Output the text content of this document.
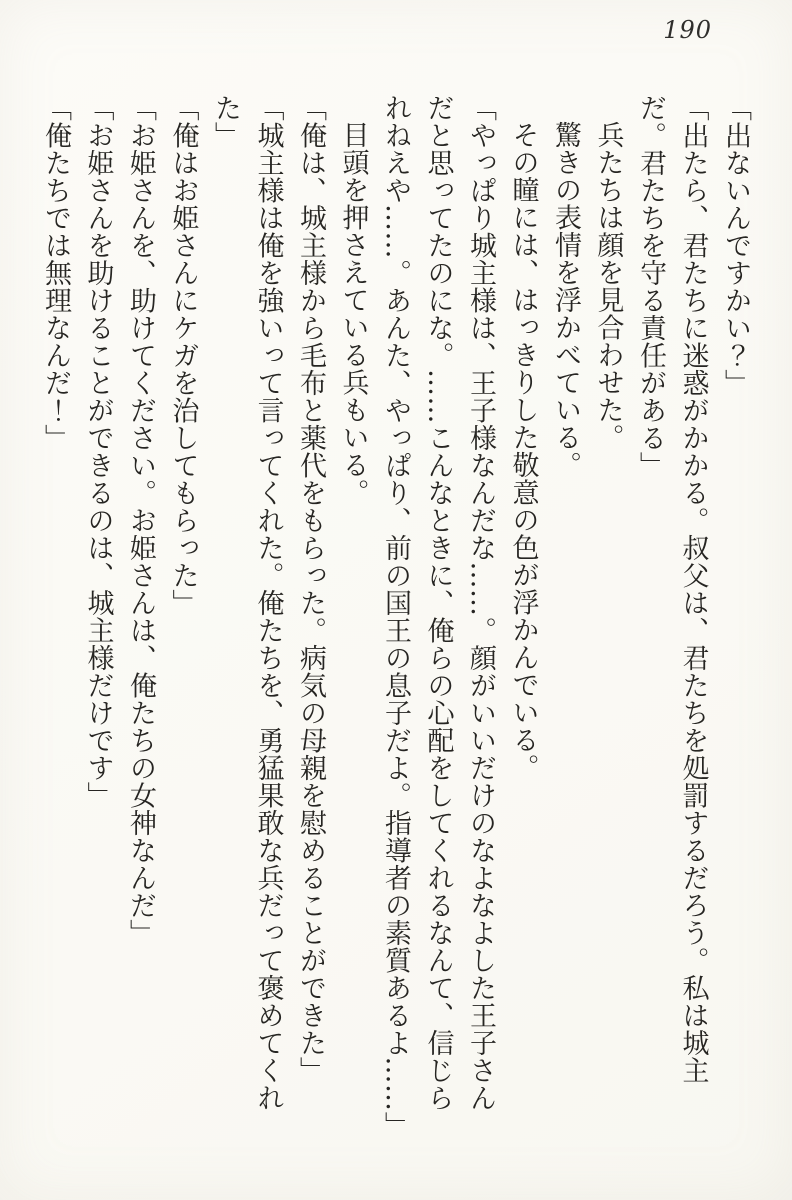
190

「出ないんですかい？」

「出たら、君たちに迷惑がかかる。叔父は、君たちを処罰するだろう。私は城主だ。君たちを守る責任がある」

兵たちは顔を見合わせた。

驚きの表情を浮かべている。

その瞳には、はっきりした敬意の色が浮かんでいる。

「やっぱり城主様は、王子様なんだな……。顔がいいだけのなよなよした王子さんだと思ってたのにな。……こんなときに、俺らの心配をしてくれるなんて、信じられねえや……。あんた、やっぱり、前の国王の息子だよ。指導者の素質あるよ……」

目頭を押さえている兵もいる。

「俺は、城主様から毛布と薬代をもらった。病気の母親を慰めることができた」

「城主様は俺を強いって言ってくれた。俺たちを、勇猛果敢な兵だって褒めてくれた」

「俺はお姫さんにケガを治してもらった」

「お姫さんを、助けてください。お姫さんは、俺たちの女神なんだ」

「お姫さんを助けることができるのは、城主様だけです」

「俺たちでは無理なんだ！」
